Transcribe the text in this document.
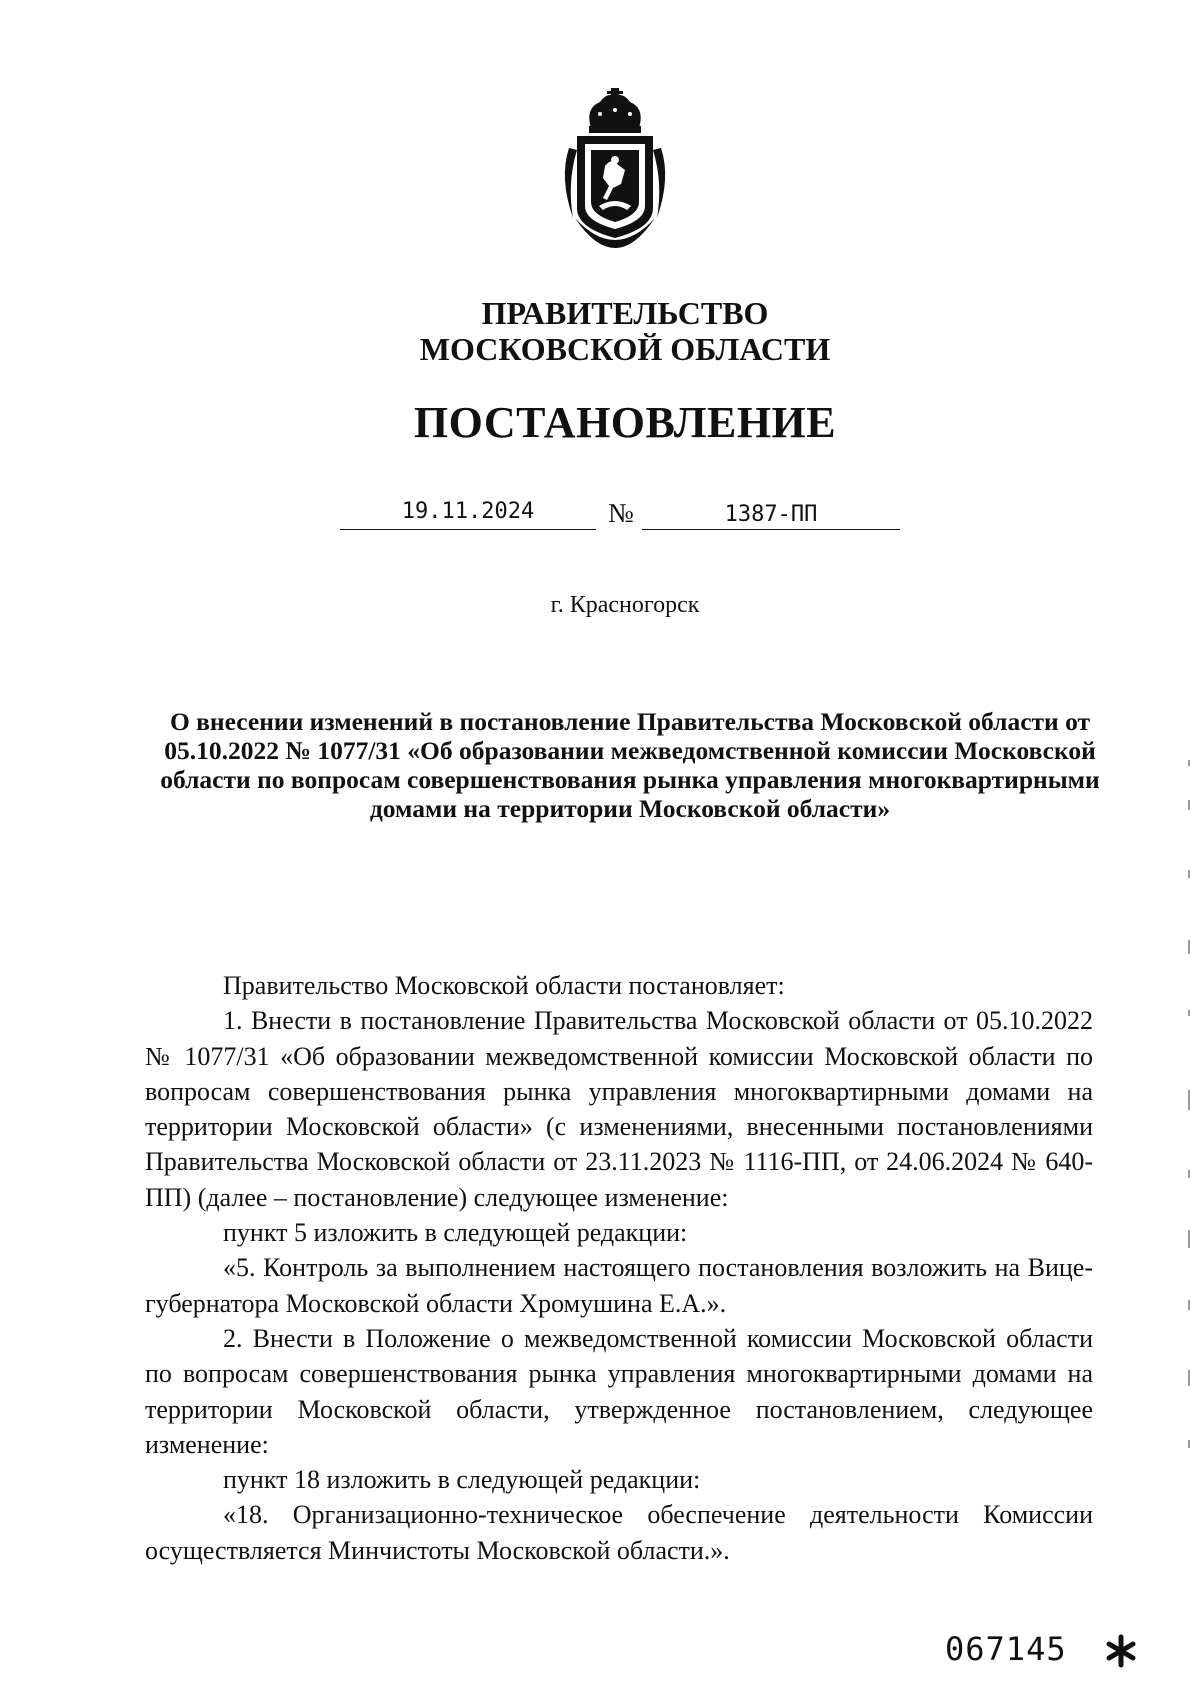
ПРАВИТЕЛЬСТВО
МОСКОВСКОЙ ОБЛАСТИ
ПОСТАНОВЛЕНИЕ
19.11.2024	№	1387-ПП
г. Красногорск
О внесении изменений в постановление Правительства Московской области от 05.10.2022 № 1077/31 «Об образовании межведомственной комиссии Московской области по вопросам совершенствования рынка управления многоквартирными домами на территории Московской области»

Правительство Московской области постановляет:

1. Внести в постановление Правительства Московской области от 05.10.2022 № 1077/31 «Об образовании межведомственной комиссии Московской области по вопросам совершенствования рынка управления многоквартирными домами на территории Московской области» (с изменениями, внесенными постановлениями Правительства Московской области от 23.11.2023 № 1116-ПП, от 24.06.2024 № 640-ПП) (далее – постановление) следующее изменение:

пункт 5 изложить в следующей редакции:

«5. Контроль за выполнением настоящего постановления возложить на Вице-губернатора Московской области Хромушина Е.А.».

2. Внести в Положение о межведомственной комиссии Московской области по вопросам совершенствования рынка управления многоквартирными домами на территории Московской области, утвержденное постановлением, следующее изменение:

пункт 18 изложить в следующей редакции:

«18. Организационно-техническое обеспечение деятельности Комиссии осуществляется Минчистоты Московской области.».

067145
